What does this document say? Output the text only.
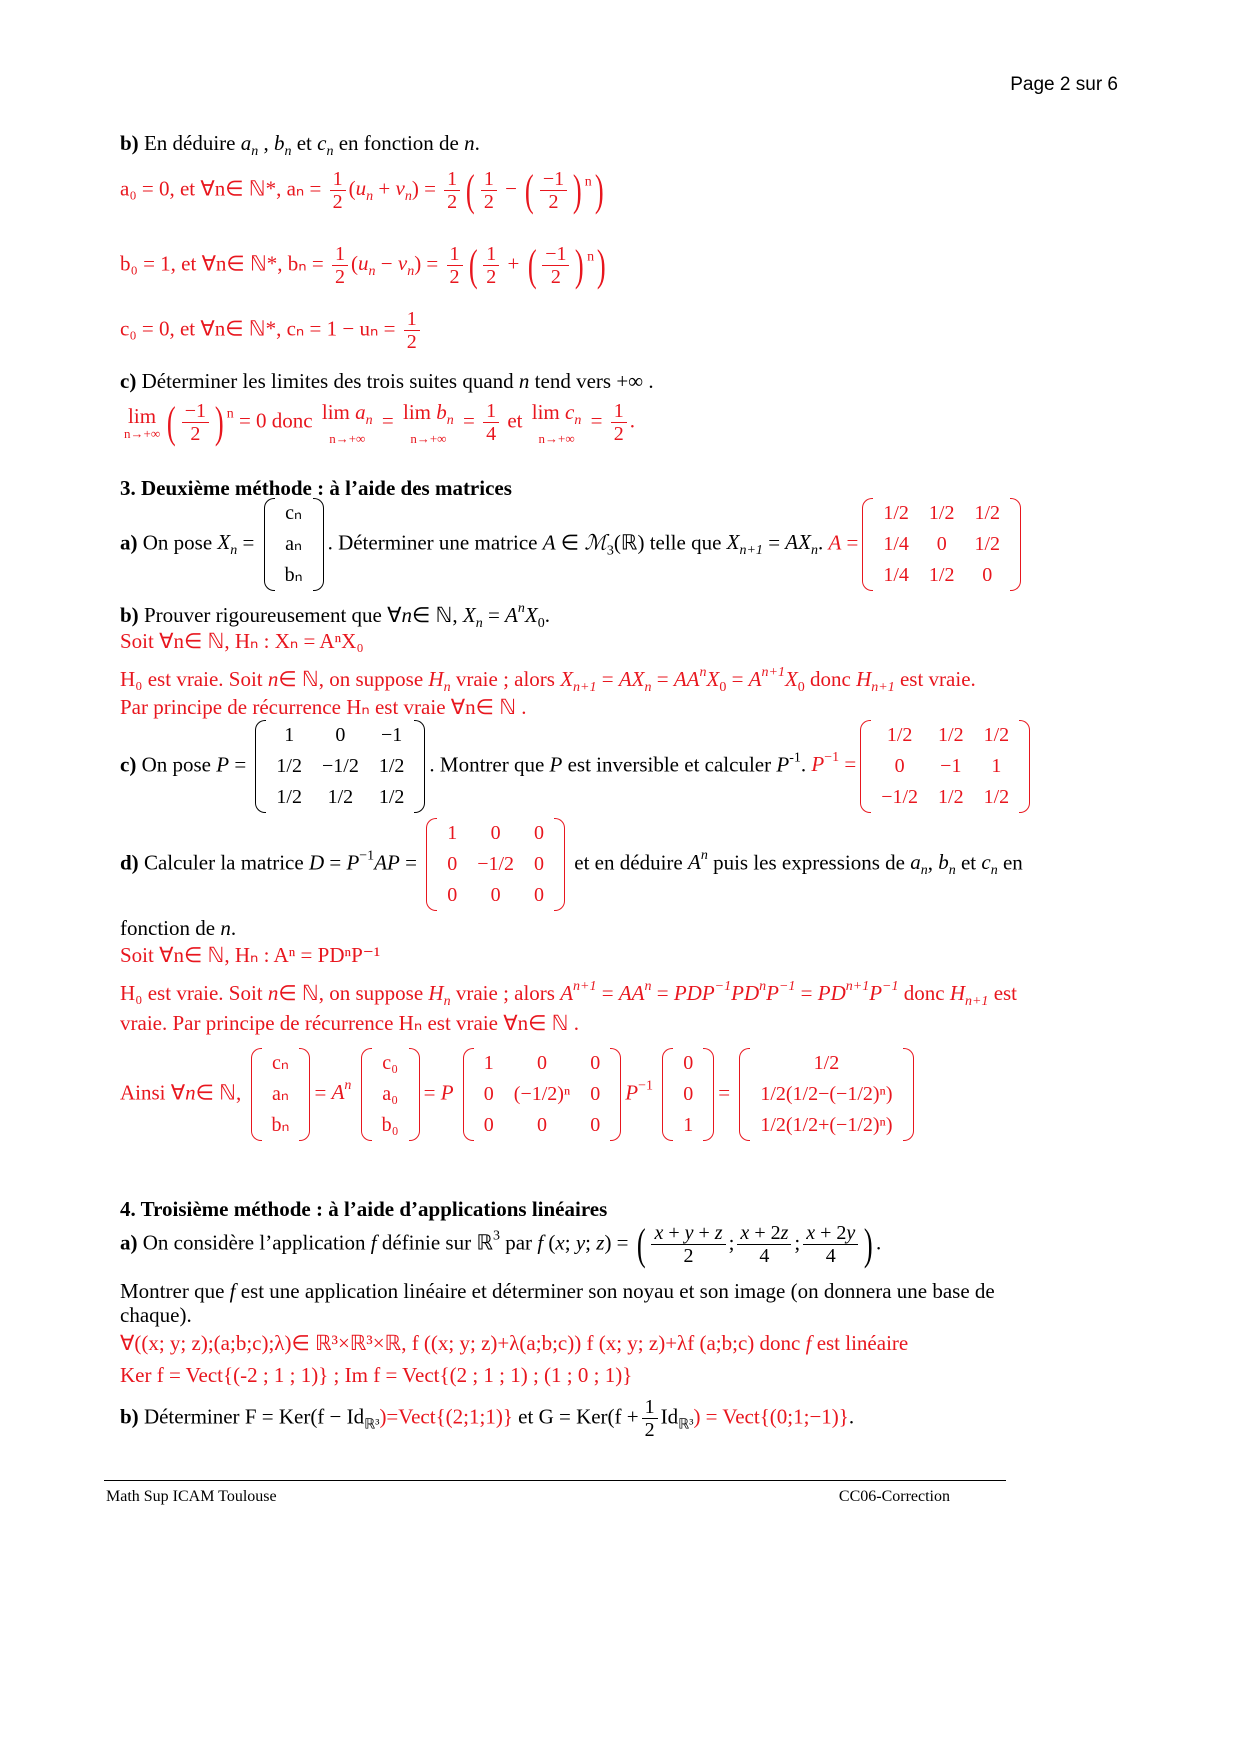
Page 2 sur 6
b) En déduire $a_n$ , $b_n$ et $c_n$ en fonction de n.
a₀ = 0, et ∀n∈ ℕ*, $a_n = \frac{1}{2} (u_n + v_n) = \frac{1}{2}$ ( $\frac{1}{2}$ − ( $\frac{-1}{2}$ ) $^n$)
b₀ = 1, et ∀n∈ ℕ*, $b_n = \frac{1}{2} (u_n - v_n) = \frac{1}{2}$ ( $\frac{1}{2}$ + ( $\frac{-1}{2}$ ) $^n$)
c₀ = 0, et ∀n∈ ℕ*, $c_n = 1 - u_n = \frac{1}{2}$
c) Déterminer les limites des trois suites quand n tend vers +∞ .
lim
n→+∞ ( $\frac{-1}{2}$ ) $^n$ = 0 donc $\lim a_n$
n→+∞
= $\lim b_n$
n→+∞
= $\frac{1}{4}$ et $\lim c_n$
n→+∞
= $\frac{1}{2}$ .
3. Deuxième méthode : à l’aide des matrices
a) On pose $X_n$ =
cₙ
aₙ
bₙ
. Déterminer une matrice A ∈ ℳ$_3$(ℝ) telle que $X_{n+1} = AX_n$. A =
1/2	1/2	1/2
1/4	0	1/2
1/4	1/2	0
b) Prouver rigoureusement que ∀n∈ ℕ, $X_n = A^nX_0$.
Soit ∀n∈ ℕ, Hₙ : Xₙ = AⁿX₀
H₀ est vraie. Soit n∈ ℕ, on suppose $H_n$ vraie ; alors $X_{n+1} = AX_n = AA^nX_0 = A^{n+1}X_0$ donc $H_{n+1}$ est vraie.
Par principe de récurrence Hₙ est vraie ∀n∈ ℕ .
c) On pose P =
1	0	−1
1/2	−1/2	1/2
1/2	1/2	1/2
. Montrer que P est inversible et calculer $P^{-1}$. $P^{-1}$ =
1/2	1/2	1/2
0	−1	1
−1/2	1/2	1/2
d) Calculer la matrice $D = P^{-1}AP$ =
1	0	0
0	−1/2	0
0	0	0
et en déduire $A^n$ puis les expressions de $a_n$, $b_n$ et $c_n$ en
fonction de n.
Soit ∀n∈ ℕ, Hₙ : Aⁿ = PDⁿP⁻¹
H₀ est vraie. Soit n∈ ℕ, on suppose $H_n$ vraie ; alors $A^{n+1} = AA^n = PDP^{-1}PD^nP^{-1} = PD^{n+1}P^{-1}$ donc $H_{n+1}$ est
vraie. Par principe de récurrence Hₙ est vraie ∀n∈ ℕ .
Ainsi ∀n∈ ℕ,
cₙ
aₙ
bₙ
= $A^n$
c₀
a₀
b₀
= P
1	0	0
0	(−1/2)ⁿ	0
0	0	0
$P^{-1}$
0
0
1
=
1/2
1/2(1/2−(−1/2)ⁿ)
1/2(1/2+(−1/2)ⁿ)
4. Troisième méthode : à l’aide d’applications linéaires
a) On considère l’application f définie sur ℝ$^3$ par f (x; y; z) = ( $\frac{x + y + z}{2}$ ; $\frac{x + 2z}{4}$ ; $\frac{x + 2y}{4}$ ) .
Montrer que f est une application linéaire et déterminer son noyau et son image (on donnera une base de
chaque).
∀((x; y; z);(a;b;c);λ)∈ ℝ³×ℝ³×ℝ, f ((x; y; z)+λ(a;b;c)) f (x; y; z)+λf (a;b;c) donc f est linéaire
Ker f = Vect{(-2 ; 1 ; 1)} ; Im f = Vect{(2 ; 1 ; 1) ; (1 ; 0 ; 1)}
b) Déterminer $F = Ker(f - Id_{ℝ^3})=Vect\{(2;1;1)\}$ et $G = Ker(f + \frac{1}{2} Id_{ℝ^3})$ = Vect{(0;1;−1)}.
Math Sup ICAM Toulouse	CC06-Correction
